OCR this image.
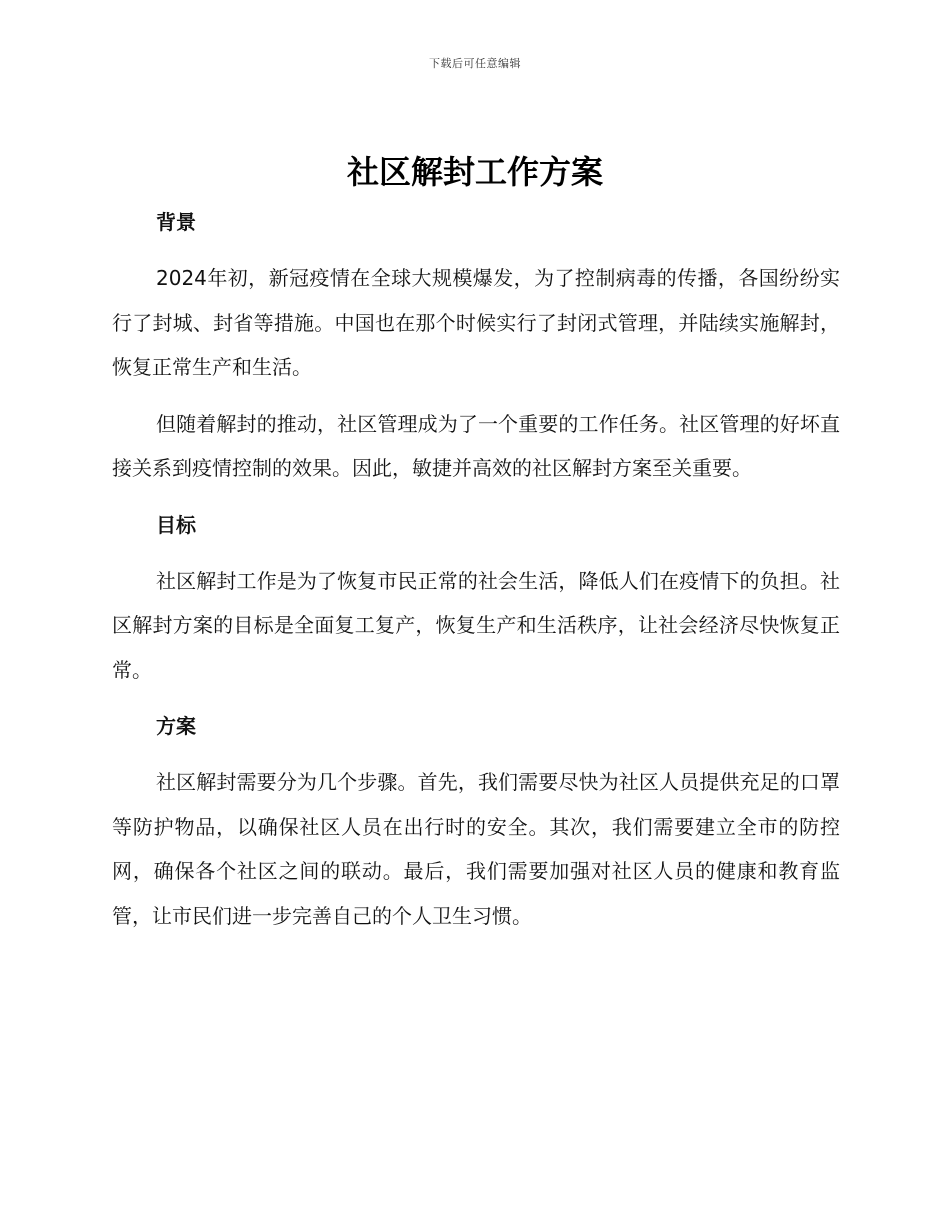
下载后可任意编辑
社区解封工作方案
背景

2024年初，新冠疫情在全球大规模爆发，为了控制病毒的传播，各国纷纷实行了封城、封省等措施。中国也在那个时候实行了封闭式管理，并陆续实施解封，恢复正常生产和生活。

但随着解封的推动，社区管理成为了一个重要的工作任务。社区管理的好坏直接关系到疫情控制的效果。因此，敏捷并高效的社区解封方案至关重要。

目标

社区解封工作是为了恢复市民正常的社会生活，降低人们在疫情下的负担。社区解封方案的目标是全面复工复产，恢复生产和生活秩序，让社会经济尽快恢复正常。

方案

社区解封需要分为几个步骤。首先，我们需要尽快为社区人员提供充足的口罩等防护物品，以确保社区人员在出行时的安全。其次，我们需要建立全市的防控网，确保各个社区之间的联动。最后，我们需要加强对社区人员的健康和教育监管，让市民们进一步完善自己的个人卫生习惯。
